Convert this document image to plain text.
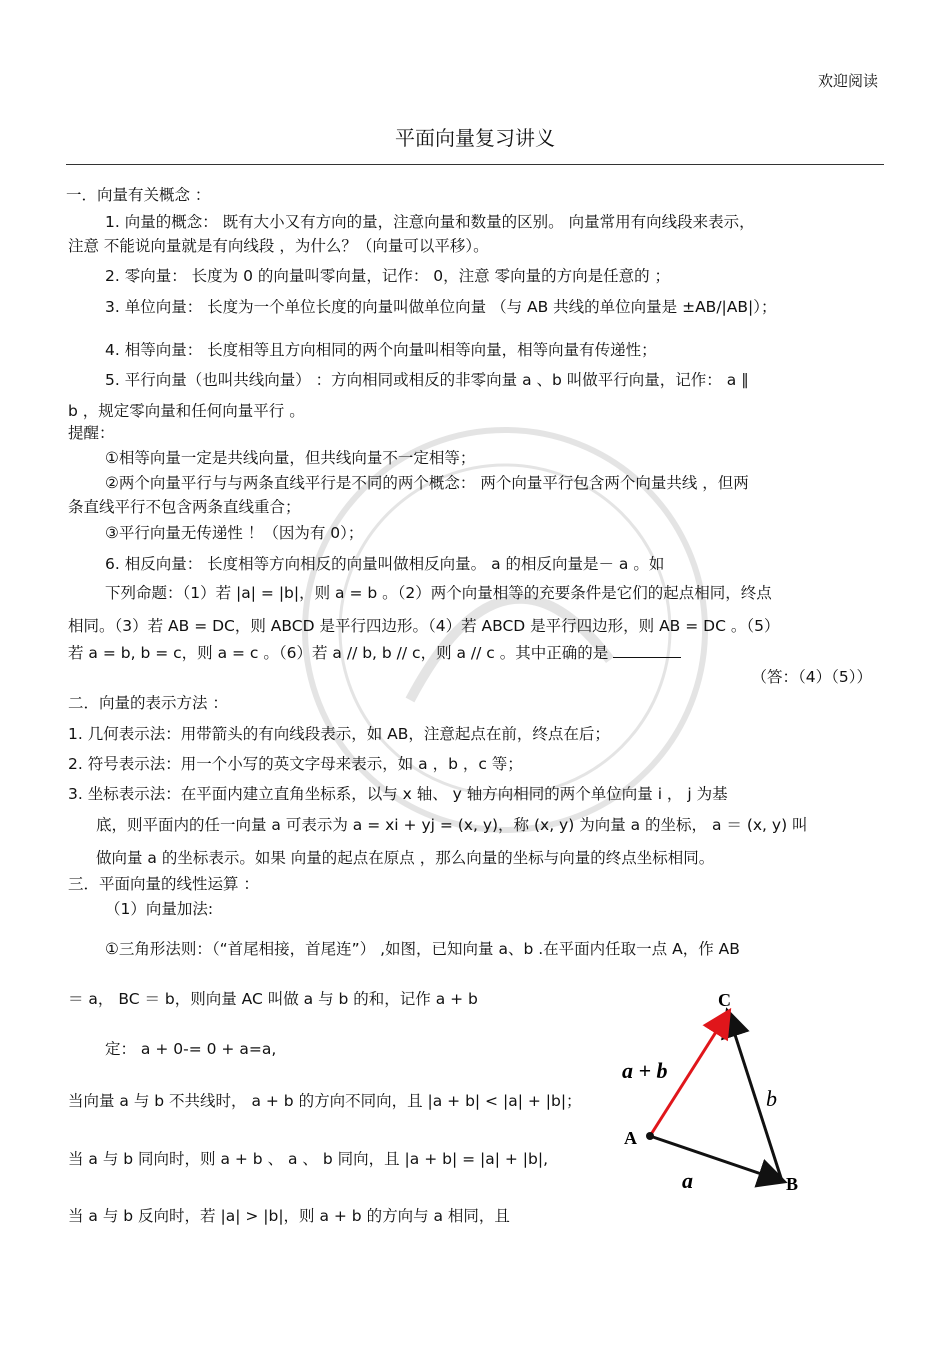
欢迎阅读
平面向量复习讲义
一．向量有关概念 ：
1. 向量的概念： 既有大小又有方向的量，注意向量和数量的区别。 向量常用有向线段来表示，
注意 不能说向量就是有向线段 ，为什么？（向量可以平移）。
2. 零向量： 长度为 0 的向量叫零向量，记作： 0，注意 零向量的方向是任意的 ；
3. 单位向量： 长度为一个单位长度的向量叫做单位向量 （与 AB 共线的单位向量是 ±AB/|AB|）；
4. 相等向量： 长度相等且方向相同的两个向量叫相等向量，相等向量有传递性；
5. 平行向量（也叫共线向量） ：方向相同或相反的非零向量 a 、b 叫做平行向量，记作： a ∥
b ，规定零向量和任何向量平行 。
提醒：
①相等向量一定是共线向量，但共线向量不一定相等；
②两个向量平行与与两条直线平行是不同的两个概念： 两个向量平行包含两个向量共线 ，但两
条直线平行不包含两条直线重合；
③平行向量无传递性 ！（因为有 0）；
6. 相反向量： 长度相等方向相反的向量叫做相反向量。 a 的相反向量是－ a 。如
下列命题：（1）若 |a| = |b|，则 a = b 。（2）两个向量相等的充要条件是它们的起点相同，终点
相同。（3）若 AB = DC，则 ABCD 是平行四边形。（4）若 ABCD 是平行四边形，则 AB = DC 。（5）
若 a = b, b = c，则 a = c 。（6）若 a // b, b // c，则 a // c 。其中正确的是
（答：（4）（5））
二．向量的表示方法 ：
1. 几何表示法：用带箭头的有向线段表示，如 AB，注意起点在前，终点在后；
2. 符号表示法：用一个小写的英文字母来表示，如 a ，b ，c 等；
3. 坐标表示法：在平面内建立直角坐标系，以与 x 轴、 y 轴方向相同的两个单位向量 i ， j 为基
底，则平面内的任一向量 a 可表示为 a = xi + yj = (x, y)，称 (x, y) 为向量 a 的坐标， a ＝ (x, y) 叫
做向量 a 的坐标表示。如果 向量的起点在原点 ，那么向量的坐标与向量的终点坐标相同。
三．平面向量的线性运算 ：
（1）向量加法:
①三角形法则：（“首尾相接，首尾连”） ,如图，已知向量 a、b .在平面内任取一点 A，作 AB
＝ a， BC ＝ b，则向量 AC 叫做 a 与 b 的和，记作 a + b
定： a + 0-= 0 + a=a,
当向量 a 与 b 不共线时， a + b 的方向不同向，且 |a + b| < |a| + |b|；
当 a 与 b 同向时，则 a + b 、 a 、 b 同向，且 |a + b| = |a| + |b|,
当 a 与 b 反向时，若 |a| > |b|，则 a + b 的方向与 a 相同，且
A
B
C
a
b
a + b
